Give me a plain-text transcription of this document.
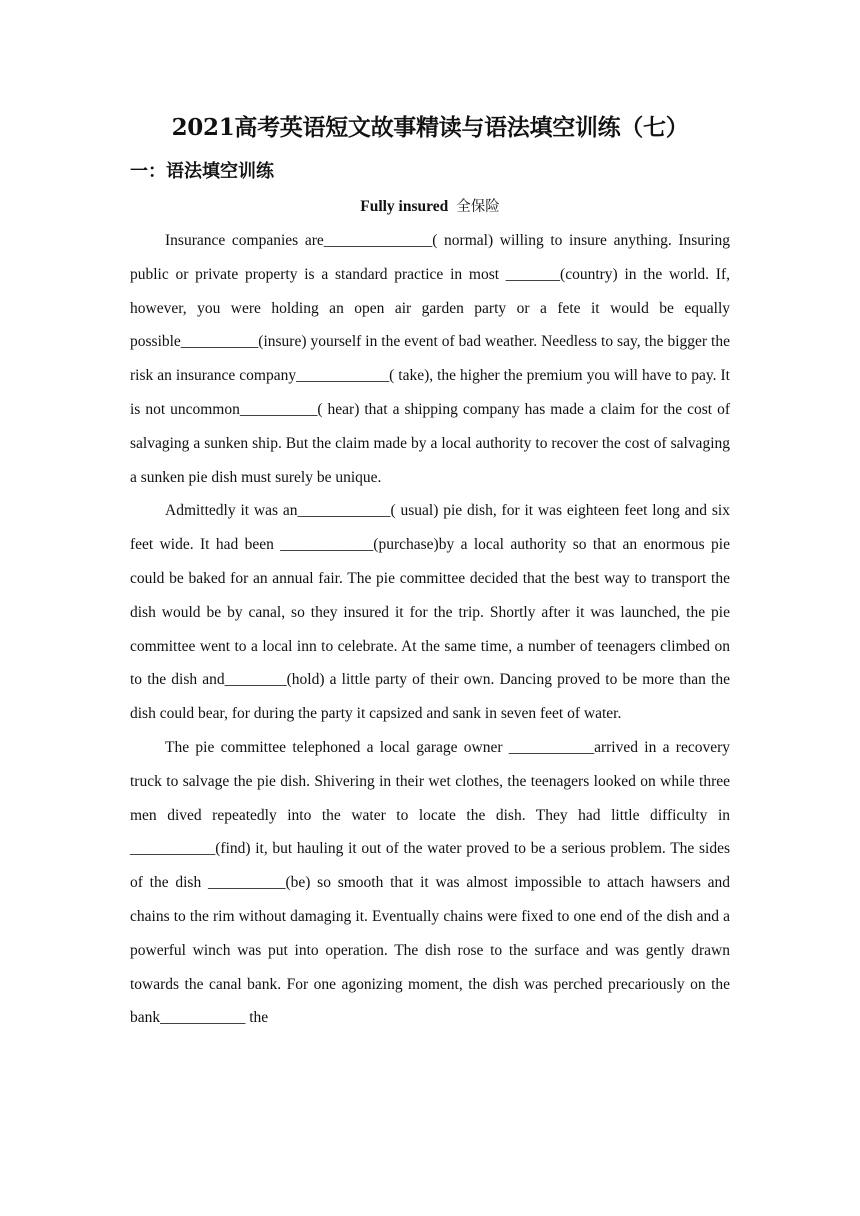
2021高考英语短文故事精读与语法填空训练（七）
一：语法填空训练
Fully insured 全保险

Insurance companies are______________( normal) willing to insure anything. Insuring public or private property is a standard practice in most _______(country) in the world. If, however, you were holding an open air garden party or a fete it would be equally possible__________(insure) yourself in the event of bad weather. Needless to say, the bigger the risk an insurance company____________( take), the higher the premium you will have to pay. It is not uncommon__________( hear) that a shipping company has made a claim for the cost of salvaging a sunken ship. But the claim made by a local authority to recover the cost of salvaging a sunken pie dish must surely be unique.

Admittedly it was an____________( usual) pie dish, for it was eighteen feet long and six feet wide. It had been ____________(purchase)by a local authority so that an enormous pie could be baked for an annual fair. The pie committee decided that the best way to transport the dish would be by canal, so they insured it for the trip. Shortly after it was launched, the pie committee went to a local inn to celebrate. At the same time, a number of teenagers climbed on to the dish and________(hold) a little party of their own. Dancing proved to be more than the dish could bear, for during the party it capsized and sank in seven feet of water.

The pie committee telephoned a local garage owner ___________arrived in a recovery truck to salvage the pie dish. Shivering in their wet clothes, the teenagers looked on while three men dived repeatedly into the water to locate the dish. They had little difficulty in ___________(find) it, but hauling it out of the water proved to be a serious problem. The sides of the dish __________(be) so smooth that it was almost impossible to attach hawsers and chains to the rim without damaging it. Eventually chains were fixed to one end of the dish and a powerful winch was put into operation. The dish rose to the surface and was gently drawn towards the canal bank. For one agonizing moment, the dish was perched precariously on the bank___________ the
